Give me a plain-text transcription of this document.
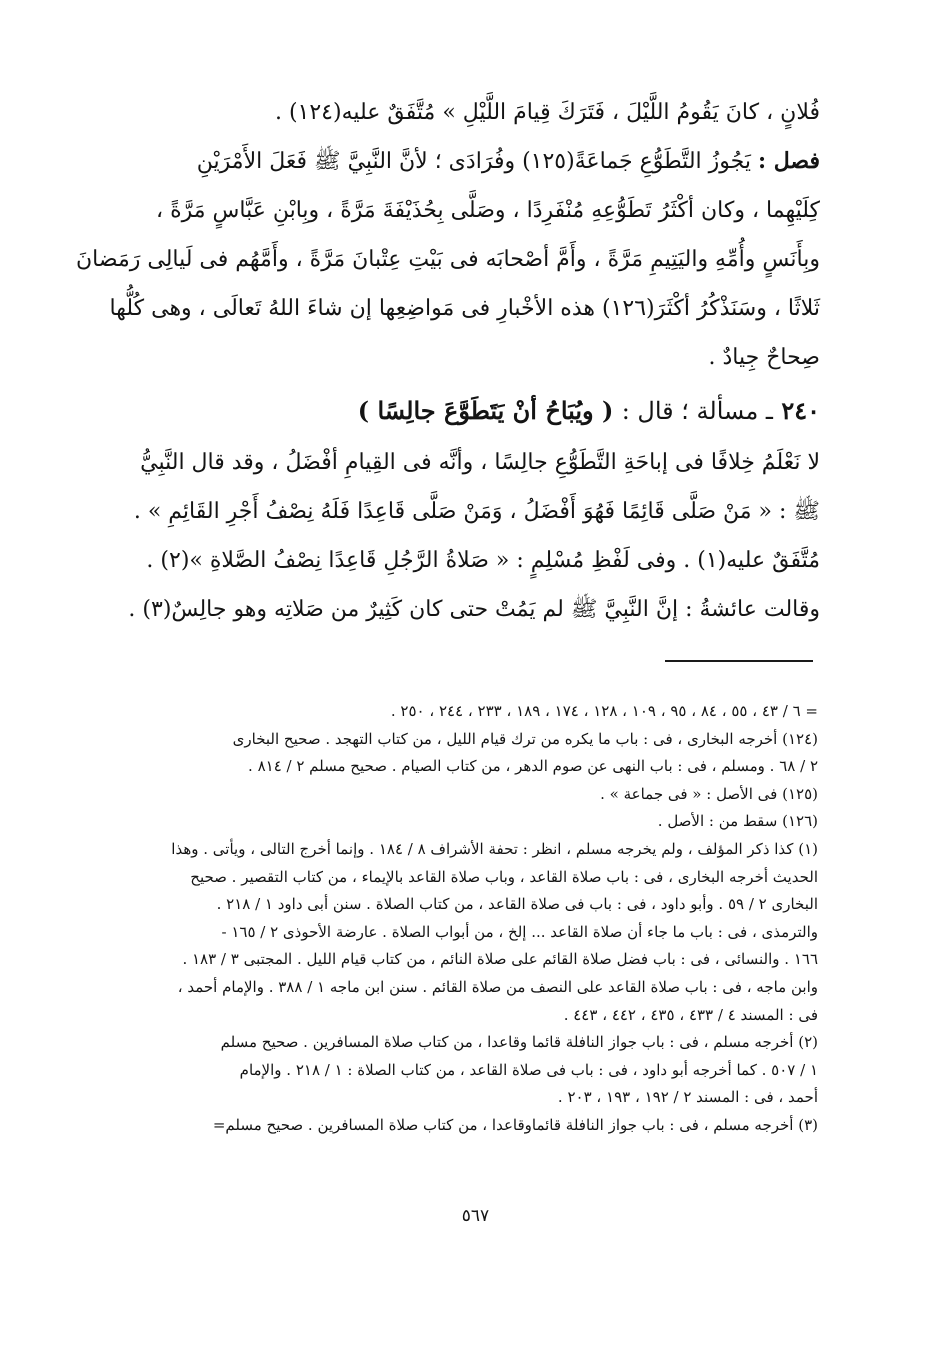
فُلانٍ ، كانَ يَقُومُ اللَّيْلَ ، فَتَرَكَ قِيامَ اللَّيْلِ » مُتَّفَقٌ عليه(١٢٤) .
فصل : يَجُوزُ التَّطَوُّعِ جَماعَةً(١٢٥) وفُرَادَى ؛ لأنَّ النَّبِيَّ ﷺ فَعَلَ الأَمْرَيْنِ
كِلَيْهِما ، وكان أكْثَرُ تَطَوُّعِهِ مُنْفَرِدًا ، وصَلَّى بِحُذَيْفَةَ مَرَّةً ، وبِابْنِ عَبَّاسٍ مَرَّةً ،
وبِأَنَسٍ وأُمِّهِ واليَتِيمِ مَرَّةً ، وأَمَّ أصْحابَه فى بَيْتِ عِتْبانَ مَرَّةً ، وأَمَّهُم فى لَيالِى رَمَضانَ
ثَلاثًا ، وسَنَذْكُرُ أكْثَرَ(١٢٦) هذه الأخْبارِ فى مَواضِعِها إن شاءَ اللهُ تَعالَى ، وهى كُلُّها
صِحاحٌ جِيادٌ .
٢٤٠ ـ مسألة ؛ قال : ( ويُبَاحُ أنْ يَتَطَوَّعَ جالِسًا )
لا نَعْلَمُ خِلافًا فى إباحَةِ التَّطَوُّعِ جالِسًا ، وأنَّه فى القِيامِ أفْضَلُ ، وقد قال النَّبِيُّ
ﷺ : « مَنْ صَلَّى قَائِمًا فَهُوَ أَفْضَلُ ، وَمَنْ صَلَّى قَاعِدًا فَلَهُ نِصْفُ أَجْرِ القَائِمِ » .
مُتَّفَقٌ عليه(١) . وفى لَفْظِ مُسْلِمٍ : « صَلاةُ الرَّجُلِ قَاعِدًا نِصْفُ الصَّلاةِ »(٢) .
وقالت عائشةُ : إنَّ النَّبِيَّ ﷺ لم يَمُتْ حتى كان كَثِيرٌ من صَلاتِه وهو جالِسٌ(٣) .
= ٦ / ٤٣ ، ٥٥ ، ٨٤ ، ٩٥ ، ١٠٩ ، ١٢٨ ، ١٧٤ ، ١٨٩ ، ٢٣٣ ، ٢٤٤ ، ٢٥٠ .
(١٢٤) أخرجه البخارى ، فى : باب ما يكره من ترك قيام الليل ، من كتاب التهجد . صحيح البخارى
٢ / ٦٨ . ومسلم ، فى : باب النهى عن صوم الدهر ، من كتاب الصيام . صحيح مسلم ٢ / ٨١٤ .
(١٢٥) فى الأصل : « فى جماعة » .
(١٢٦) سقط من : الأصل .
(١) كذا ذكر المؤلف ، ولم يخرجه مسلم ، انظر : تحفة الأشراف ٨ / ١٨٤ . وإنما أخرج التالى ، ويأتى . وهذا
الحديث أخرجه البخارى ، فى : باب صلاة القاعد ، وباب صلاة القاعد بالإيماء ، من كتاب التقصير . صحيح
البخارى ٢ / ٥٩ . وأبو داود ، فى : باب فى صلاة القاعد ، من كتاب الصلاة . سنن أبى داود ١ / ٢١٨ .
والترمذى ، فى : باب ما جاء أن صلاة القاعد ... إلخ ، من أبواب الصلاة . عارضة الأحوذى ٢ / ١٦٥ -
١٦٦ . والنسائى ، فى : باب فضل صلاة القائم على صلاة النائم ، من كتاب قيام الليل . المجتبى ٣ / ١٨٣ .
وابن ماجه ، فى : باب صلاة القاعد على النصف من صلاة القائم . سنن ابن ماجه ١ / ٣٨٨ . والإمام أحمد ،
فى : المسند ٤ / ٤٣٣ ، ٤٣٥ ، ٤٤٢ ، ٤٤٣ .
(٢) أخرجه مسلم ، فى : باب جواز النافلة قائما وقاعدا ، من كتاب صلاة المسافرين . صحيح مسلم
١ / ٥٠٧ . كما أخرجه أبو داود ، فى : باب فى صلاة القاعد ، من كتاب الصلاة : ١ / ٢١٨ . والإمام
أحمد ، فى : المسند ٢ / ١٩٢ ، ١٩٣ ، ٢٠٣ .
(٣) أخرجه مسلم ، فى : باب جواز النافلة قائماوقاعدا ، من كتاب صلاة المسافرين . صحيح مسلم=
٥٦٧
